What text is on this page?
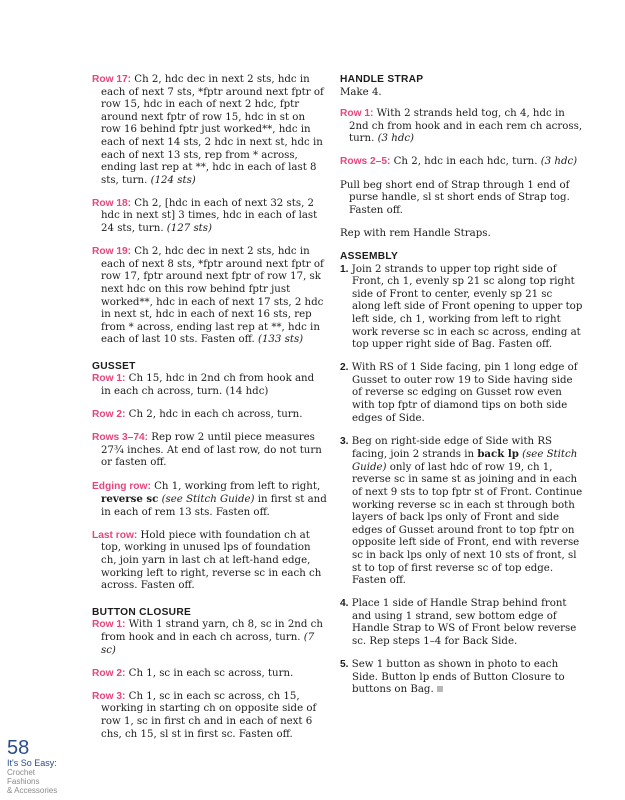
Row 17: Ch 2, hdc dec in next 2 sts, hdc in each of next 7 sts, *fptr around next fptr of row 15, hdc in each of next 2 hdc, fptr around next fptr of row 15, hdc in st on row 16 behind fptr just worked**, hdc in each of next 14 sts, 2 hdc in next st, hdc in each of next 13 sts, rep from * across, ending last rep at **, hdc in each of last 8 sts, turn. (124 sts)

Row 18: Ch 2, [hdc in each of next 32 sts, 2 hdc in next st] 3 times, hdc in each of last 24 sts, turn. (127 sts)

Row 19: Ch 2, hdc dec in next 2 sts, hdc in each of next 8 sts, *fptr around next fptr of row 17, fptr around next fptr of row 17, sk next hdc on this row behind fptr just worked**, hdc in each of next 17 sts, 2 hdc in next st, hdc in each of next 16 sts, rep from * across, ending last rep at **, hdc in each of last 10 sts. Fasten off. (133 sts)

GUSSET

Row 1: Ch 15, hdc in 2nd ch from hook and in each ch across, turn. (14 hdc)

Row 2: Ch 2, hdc in each ch across, turn.

Rows 3–74: Rep row 2 until piece measures 27¾ inches. At end of last row, do not turn or fasten off.

Edging row: Ch 1, working from left to right, reverse sc (see Stitch Guide) in first st and in each of rem 13 sts. Fasten off.

Last row: Hold piece with foundation ch at top, working in unused lps of foundation ch, join yarn in last ch at left-hand edge, working left to right, reverse sc in each ch across. Fasten off.

BUTTON CLOSURE

Row 1: With 1 strand yarn, ch 8, sc in 2nd ch from hook and in each ch across, turn. (7 sc)

Row 2: Ch 1, sc in each sc across, turn.

Row 3: Ch 1, sc in each sc across, ch 15, working in starting ch on opposite side of row 1, sc in first ch and in each of next 6 chs, ch 15, sl st in first sc. Fasten off.

HANDLE STRAP

Make 4.

Row 1: With 2 strands held tog, ch 4, hdc in 2nd ch from hook and in each rem ch across, turn. (3 hdc)

Rows 2–5: Ch 2, hdc in each hdc, turn. (3 hdc)

Pull beg short end of Strap through 1 end of purse handle, sl st short ends of Strap tog. Fasten off.

Rep with rem Handle Straps.

ASSEMBLY

1. Join 2 strands to upper top right side of Front, ch 1, evenly sp 21 sc along top right side of Front to center, evenly sp 21 sc along left side of Front opening to upper top left side, ch 1, working from left to right work reverse sc in each sc across, ending at top upper right side of Bag. Fasten off.
2. With RS of 1 Side facing, pin 1 long edge of Gusset to outer row 19 to Side having side of reverse sc edging on Gusset row even with top fptr of diamond tips on both side edges of Side.
3. Beg on right-side edge of Side with RS facing, join 2 strands in back lp (see Stitch Guide) only of last hdc of row 19, ch 1, reverse sc in same st as joining and in each of next 9 sts to top fptr st of Front. Continue working reverse sc in each st through both layers of back lps only of Front and side edges of Gusset around front to top fptr on opposite left side of Front, end with reverse sc in back lps only of next 10 sts of front, sl st to top of first reverse sc of top edge. Fasten off.
4. Place 1 side of Handle Strap behind front and using 1 strand, sew bottom edge of Handle Strap to WS of Front below reverse sc. Rep steps 1–4 for Back Side.
5. Sew 1 button as shown in photo to each Side. Button lp ends of Button Closure to buttons on Bag.
58
It's So Easy:
Crochet Fashions
& Accessories
